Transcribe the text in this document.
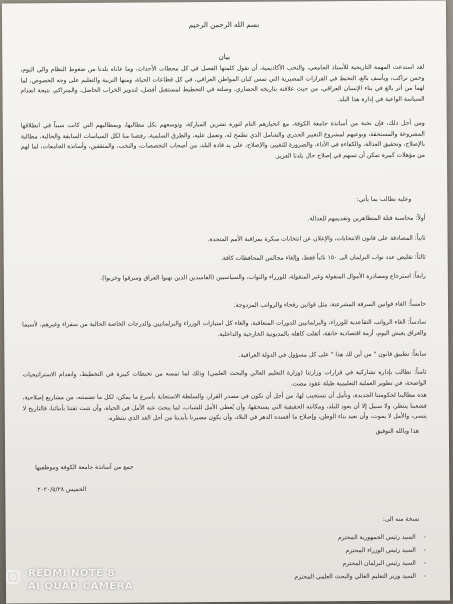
بسم الله الرحمن الرحيم
بيان
لقد استدعت المهمة التاريخية للأستاذ الجامعي، والنخب الأكاديمية، أن تقول كلمتها الفصل في كل محطات الأحداث، وما عاناه بلدنا من ضغوط النظام والي اليوم، وخمن تراكب، ويأسف بالغ، التخبط في القرارات المصيرية التي تمس كيان المواطن العراقي، في كل قطاعات الحياة، ومنها التربية والتعليم على وجه الخصوص، لما لهما من أثر بالغ في بناء الإنسان العراقي، من حيث علاقته بتاريخه الحضاري، وصلته في التخطيط لمستقبل أفضل، لتدوير الخراب الحاصل، والمتراكم، نتيجة انعدام السياسة الواعية في إدارة هذا البلد.
ومن أجل ذلك، فإن نخبة من أساتذة جامعة الكوفة، مع انحيازهم التام لثورة تشرين المباركة، وتوسعهم بكل مطالبها، وبمطالبهم التي كانت سبباً في انطلاقها المشروعة والمستحقة، وبوعيهم لمشروع التغيير الجذري والشامل الذي تطمح له، وتعمل عليه، والطرق السلمية، رفضنا منا لكل السياسات السابقة والحالية، مطالبة بالإصلاح، وتحقيق العدالة، والكفاءة في الأداء، والضرورة للتغيير، والإصلاح، على يد قادة البلد، من أصحاب التخصصات، والنخب، والمثقفين، وأساتذة الجامعات، لما لهم من مؤهلات كبيرة تمكن أن تسهم في إصلاح حال بلدنا العزيز.
وعليه نطالب بما يأتي:
أولاً: محاسبة قتلة المتظاهرين وتقديمهم للعدالة.
ثانياً: المصادقة على قانون الانتخابات، والإعلان عن انتخابات مبكرة بمراقبة الأمم المتحدة.
ثالثاً: تقليص عدد نواب البرلمان الى ١٥٠ نائباً فقط، وإلغاء مجالس المحافظات كافة.
رابعاً: استرجاع ومصادرة الأموال المنقولة وغير المنقولة، للوزراء والنواب، والسياسيين (الفاسدين الذين نهبوا العراق وسرقوا وخربوا).
خامساً: الغاء قوانين السرقة المشرعنة، مثل قوانين رفحاء والرواتب المزدوجة.
سادساً: الغاء الرواتب التقاعدية للوزراء، والبرلمانيين للدورات المتعاقبة، والغاء كل امتيازات الوزراء والبرلمانيين والدرجات الخاصة الحالية من سفراء وغيرهم، لأسيما والعراق يعيش اليوم، أزمة اقتصادية خانقة، أثقلت كاهله بالمديونية الخارجية والداخلية.
سابعاً: تطبيق قانون " من أين لك هذا " على كل مسؤول في الدولة العراقية.
ثامناً: نطالب بإدارة تشاركية في قرارات وزارتنا (وزارة التعليم العالي والبحث العلمي) وذلك لما تمسه من تخبطات كبيرة في التخطيط، وانعدام الاستراتيجيات الواضحة، في تطوير العملية التعليمية طيلة عقود مضت.
هذه مطالبنا لحكومتنا الجديدة، ونأمل أن تستجيب لها، من أجل أن تكون في مصدر القرار، والسلطة الاستجابة بأسرع ما يمكن، لكل ما تضمنته، من مشاريع إصلاحية، فشعبنا ينتظر، ولا سبيل إلا أن يعود للبلد، ومكانته الحقيقية التي يستحقها، وأن يُعطى الأمل للشباب، لما يبحث عنه الأمل في الحياة، وأن نثبت ثقتنا بأبنائنا، فالتاريخ لا ينسى، والأمل لا يموت، وأن نعيد بناء الوطن، وإصلاح ما أفسده الدهر في البلاد، وأن يكون مصيرنا بأيدينا من أجل الغد الذي ننتظره.
هذا وبالله التوفيق
جمع من أساتذة جامعة الكوفة وموظفيها
الخميس ٢٠٢٠/٥/٢٨
نسخة منه الى:
-
السيد رئيس الجمهورية المحترم
-
السيد رئيس الوزراء المحترم
-
السيد رئيس البرلمان المحترم
-
السيد وزير التعليم العالي والبحث العلمي المحترم
REDMI NOTE 8
AI QUAD CAMERA
